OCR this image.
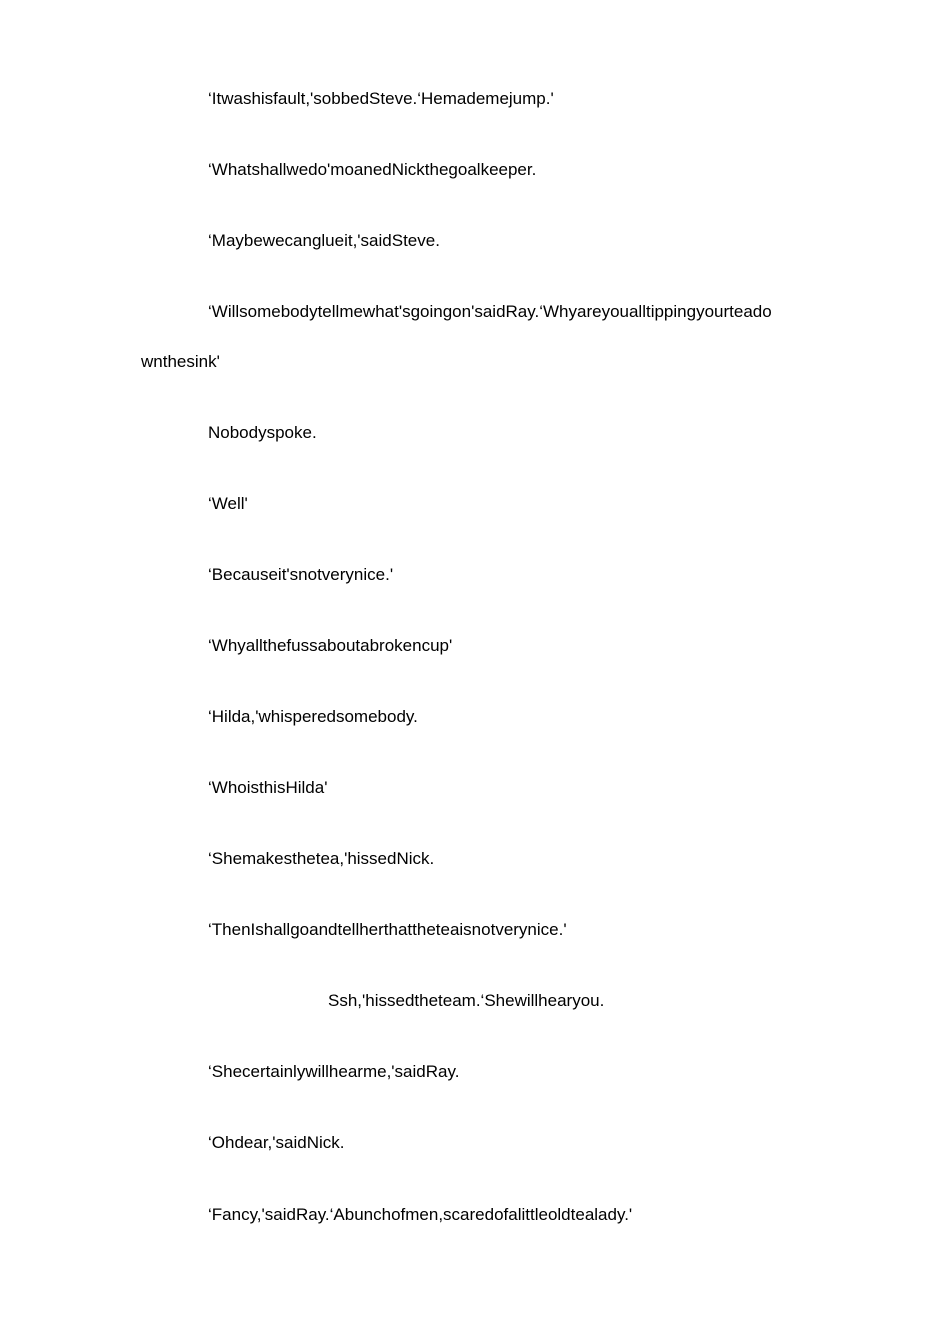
‘Itwashisfault,'sobbedSteve.‘Hemademejump.'
‘Whatshallwedo'moanedNickthegoalkeeper.
‘Maybewecanglueit,'saidSteve.
‘Willsomebodytellmewhat'sgoingon'saidRay.‘Whyareyoualltippingyourteado
wnthesink'
Nobodyspoke.
‘Well'
‘Becauseit'snotverynice.'
‘Whyallthefussaboutabrokencup'
‘Hilda,'whisperedsomebody.
‘WhoisthisHilda'
‘Shemakesthetea,'hissedNick.
‘ThenIshallgoandtellherthattheteaisnotverynice.'
Ssh,'hissedtheteam.‘Shewillhearyou.
‘Shecertainlywillhearme,'saidRay.
‘Ohdear,'saidNick.
‘Fancy,'saidRay.‘Abunchofmen,scaredofalittleoldtealady.'
